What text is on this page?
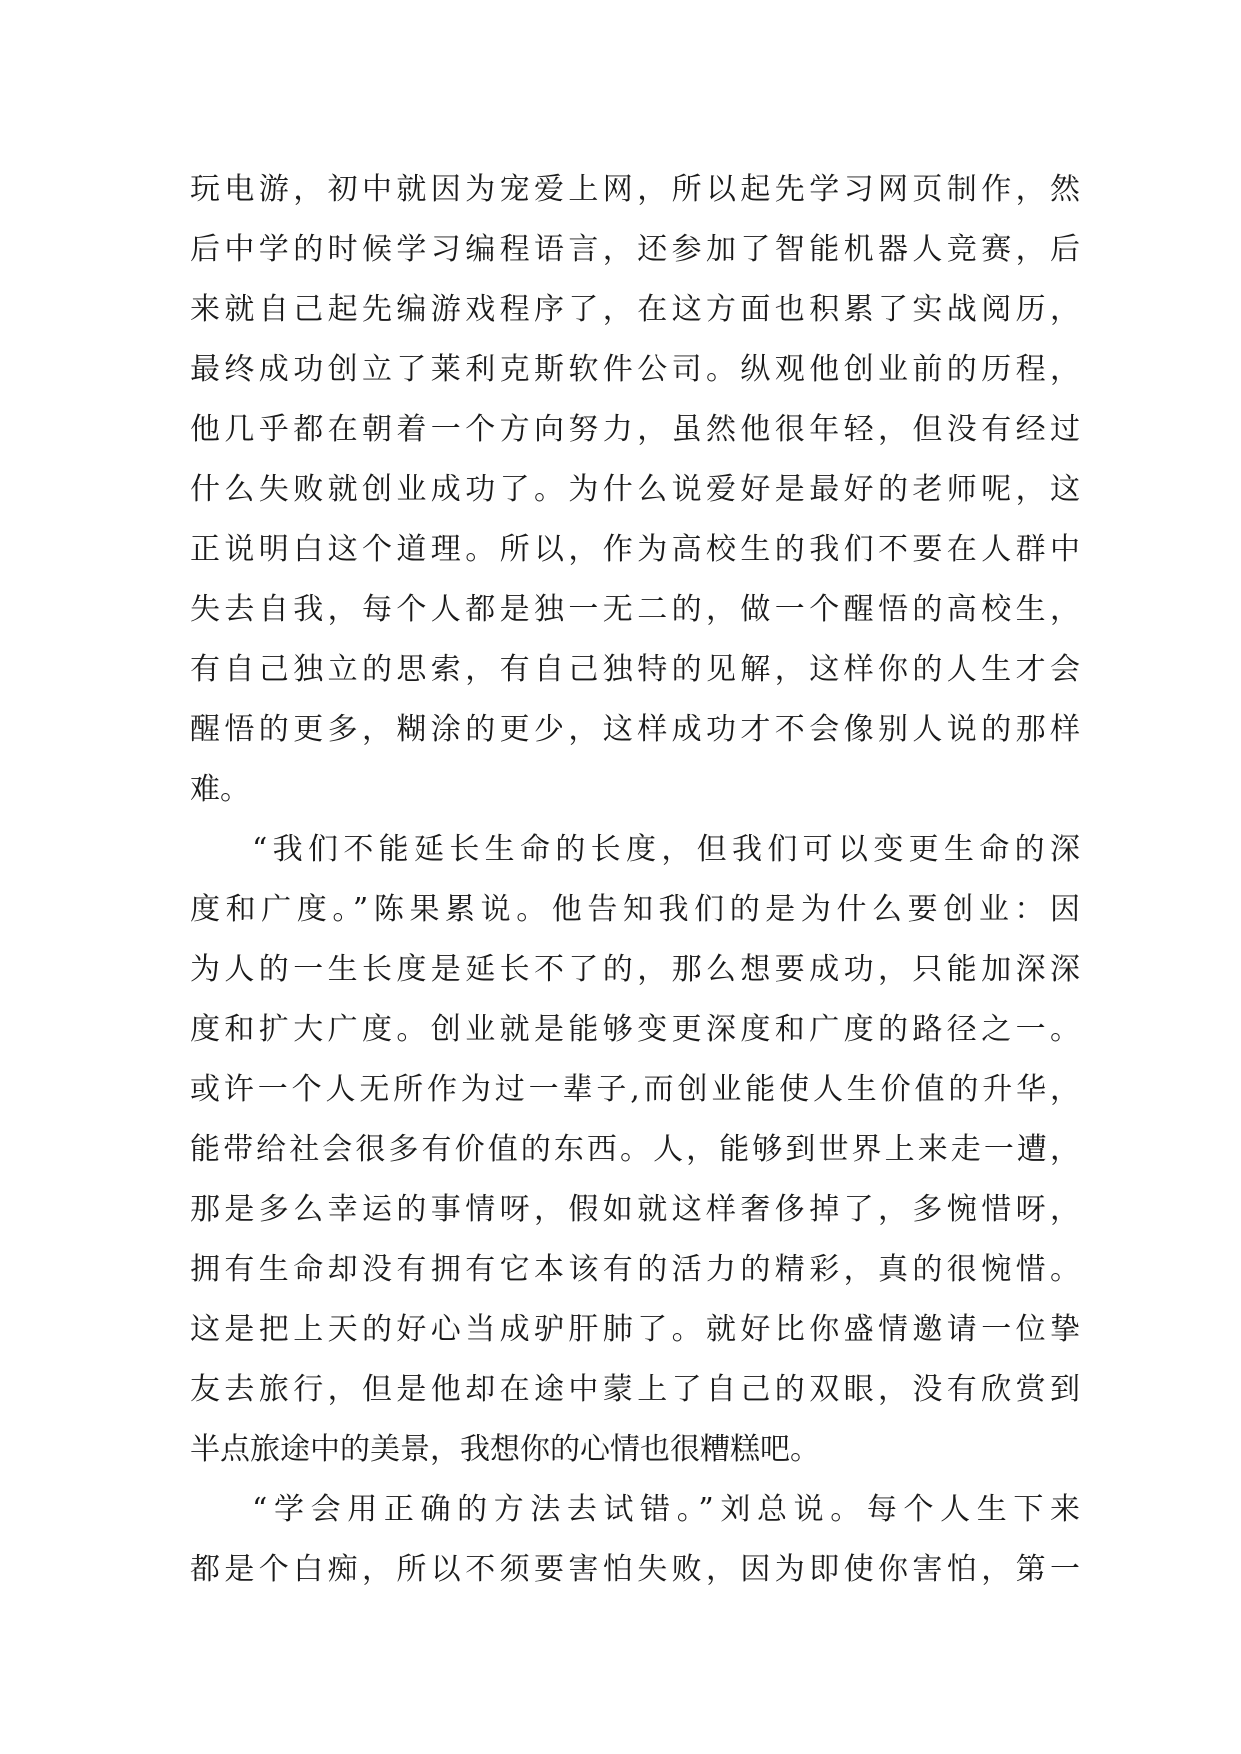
玩电游，初中就因为宠爱上网，所以起先学习网页制作，然
后中学的时候学习编程语言，还参加了智能机器人竞赛，后
来就自己起先编游戏程序了，在这方面也积累了实战阅历，
最终成功创立了莱利克斯软件公司。纵观他创业前的历程，
他几乎都在朝着一个方向努力，虽然他很年轻，但没有经过
什么失败就创业成功了。为什么说爱好是最好的老师呢，这
正说明白这个道理。所以，作为高校生的我们不要在人群中
失去自我，每个人都是独一无二的，做一个醒悟的高校生，
有自己独立的思索，有自己独特的见解，这样你的人生才会
醒悟的更多，糊涂的更少，这样成功才不会像别人说的那样
难。
“我们不能延长生命的长度，但我们可以变更生命的深
度和广度。”陈果累说。他告知我们的是为什么要创业：因
为人的一生长度是延长不了的，那么想要成功，只能加深深
度和扩大广度。创业就是能够变更深度和广度的路径之一。
或许一个人无所作为过一辈子,而创业能使人生价值的升华，
能带给社会很多有价值的东西。人，能够到世界上来走一遭，
那是多么幸运的事情呀，假如就这样奢侈掉了，多惋惜呀，
拥有生命却没有拥有它本该有的活力的精彩，真的很惋惜。
这是把上天的好心当成驴肝肺了。就好比你盛情邀请一位挚
友去旅行，但是他却在途中蒙上了自己的双眼，没有欣赏到
半点旅途中的美景，我想你的心情也很糟糕吧。
“学会用正确的方法去试错。”刘总说。每个人生下来
都是个白痴，所以不须要害怕失败，因为即使你害怕，第一
